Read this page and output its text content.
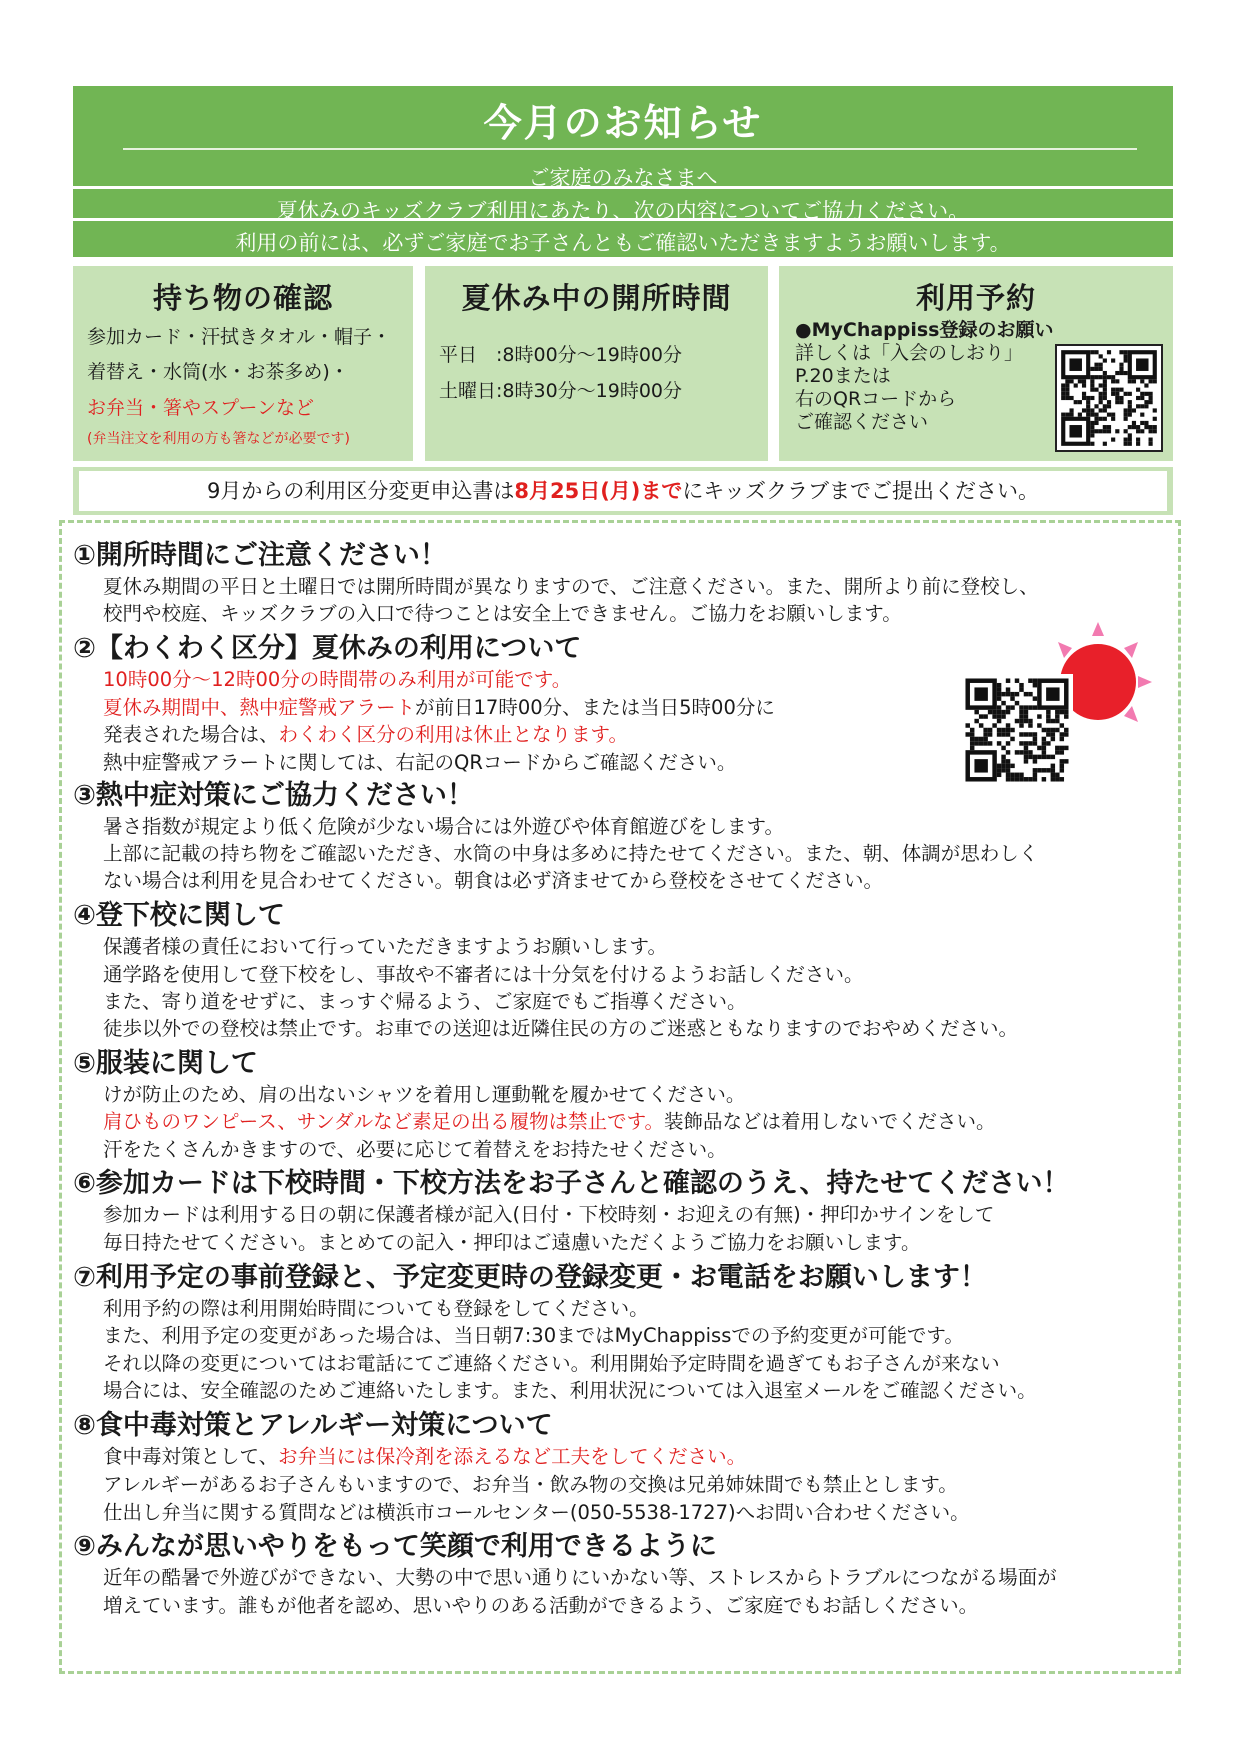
今月のお知らせ
ご家庭のみなさまへ
夏休みのキッズクラブ利用にあたり、次の内容についてご協力ください。
利用の前には、必ずご家庭でお子さんともご確認いただきますようお願いします。
持ち物の確認
参加カード・汗拭きタオル・帽子・
着替え・水筒(水・お茶多め)・
お弁当・箸やスプーンなど
(弁当注文を利用の方も箸などが必要です)
夏休み中の開所時間
平日　:8時00分～19時00分
土曜日:8時30分～19時00分
利用予約
●MyChappiss登録のお願い
詳しくは「入会のしおり」
P.20または
右のQRコードから
ご確認ください
9月からの利用区分変更申込書は8月25日(月)までにキッズクラブまでご提出ください。
①開所時間にご注意ください！
夏休み期間の平日と土曜日では開所時間が異なりますので、ご注意ください。また、開所より前に登校し、
校門や校庭、キッズクラブの入口で待つことは安全上できません。ご協力をお願いします。
②【わくわく区分】夏休みの利用について
10時00分～12時00分の時間帯のみ利用が可能です。
夏休み期間中、熱中症警戒アラートが前日17時00分、または当日5時00分に
発表された場合は、わくわく区分の利用は休止となります。
熱中症警戒アラートに関しては、右記のQRコードからご確認ください。
③熱中症対策にご協力ください！
暑さ指数が規定より低く危険が少ない場合には外遊びや体育館遊びをします。
上部に記載の持ち物をご確認いただき、水筒の中身は多めに持たせてください。また、朝、体調が思わしく
ない場合は利用を見合わせてください。朝食は必ず済ませてから登校をさせてください。
④登下校に関して
保護者様の責任において行っていただきますようお願いします。
通学路を使用して登下校をし、事故や不審者には十分気を付けるようお話しください。
また、寄り道をせずに、まっすぐ帰るよう、ご家庭でもご指導ください。
徒歩以外での登校は禁止です。お車での送迎は近隣住民の方のご迷惑ともなりますのでおやめください。
⑤服装に関して
けが防止のため、肩の出ないシャツを着用し運動靴を履かせてください。
肩ひものワンピース、サンダルなど素足の出る履物は禁止です。装飾品などは着用しないでください。
汗をたくさんかきますので、必要に応じて着替えをお持たせください。
⑥参加カードは下校時間・下校方法をお子さんと確認のうえ、持たせてください！
参加カードは利用する日の朝に保護者様が記入(日付・下校時刻・お迎えの有無)・押印かサインをして
毎日持たせてください。まとめての記入・押印はご遠慮いただくようご協力をお願いします。
⑦利用予定の事前登録と、予定変更時の登録変更・お電話をお願いします！
利用予約の際は利用開始時間についても登録をしてください。
また、利用予定の変更があった場合は、当日朝7:30まではMyChappissでの予約変更が可能です。
それ以降の変更についてはお電話にてご連絡ください。利用開始予定時間を過ぎてもお子さんが来ない
場合には、安全確認のためご連絡いたします。また、利用状況については入退室メールをご確認ください。
⑧食中毒対策とアレルギー対策について
食中毒対策として、お弁当には保冷剤を添えるなど工夫をしてください。
アレルギーがあるお子さんもいますので、お弁当・飲み物の交換は兄弟姉妹間でも禁止とします。
仕出し弁当に関する質問などは横浜市コールセンター(050-5538-1727)へお問い合わせください。
⑨みんなが思いやりをもって笑顔で利用できるように
近年の酷暑で外遊びができない、大勢の中で思い通りにいかない等、ストレスからトラブルにつながる場面が
増えています。誰もが他者を認め、思いやりのある活動ができるよう、ご家庭でもお話しください。
